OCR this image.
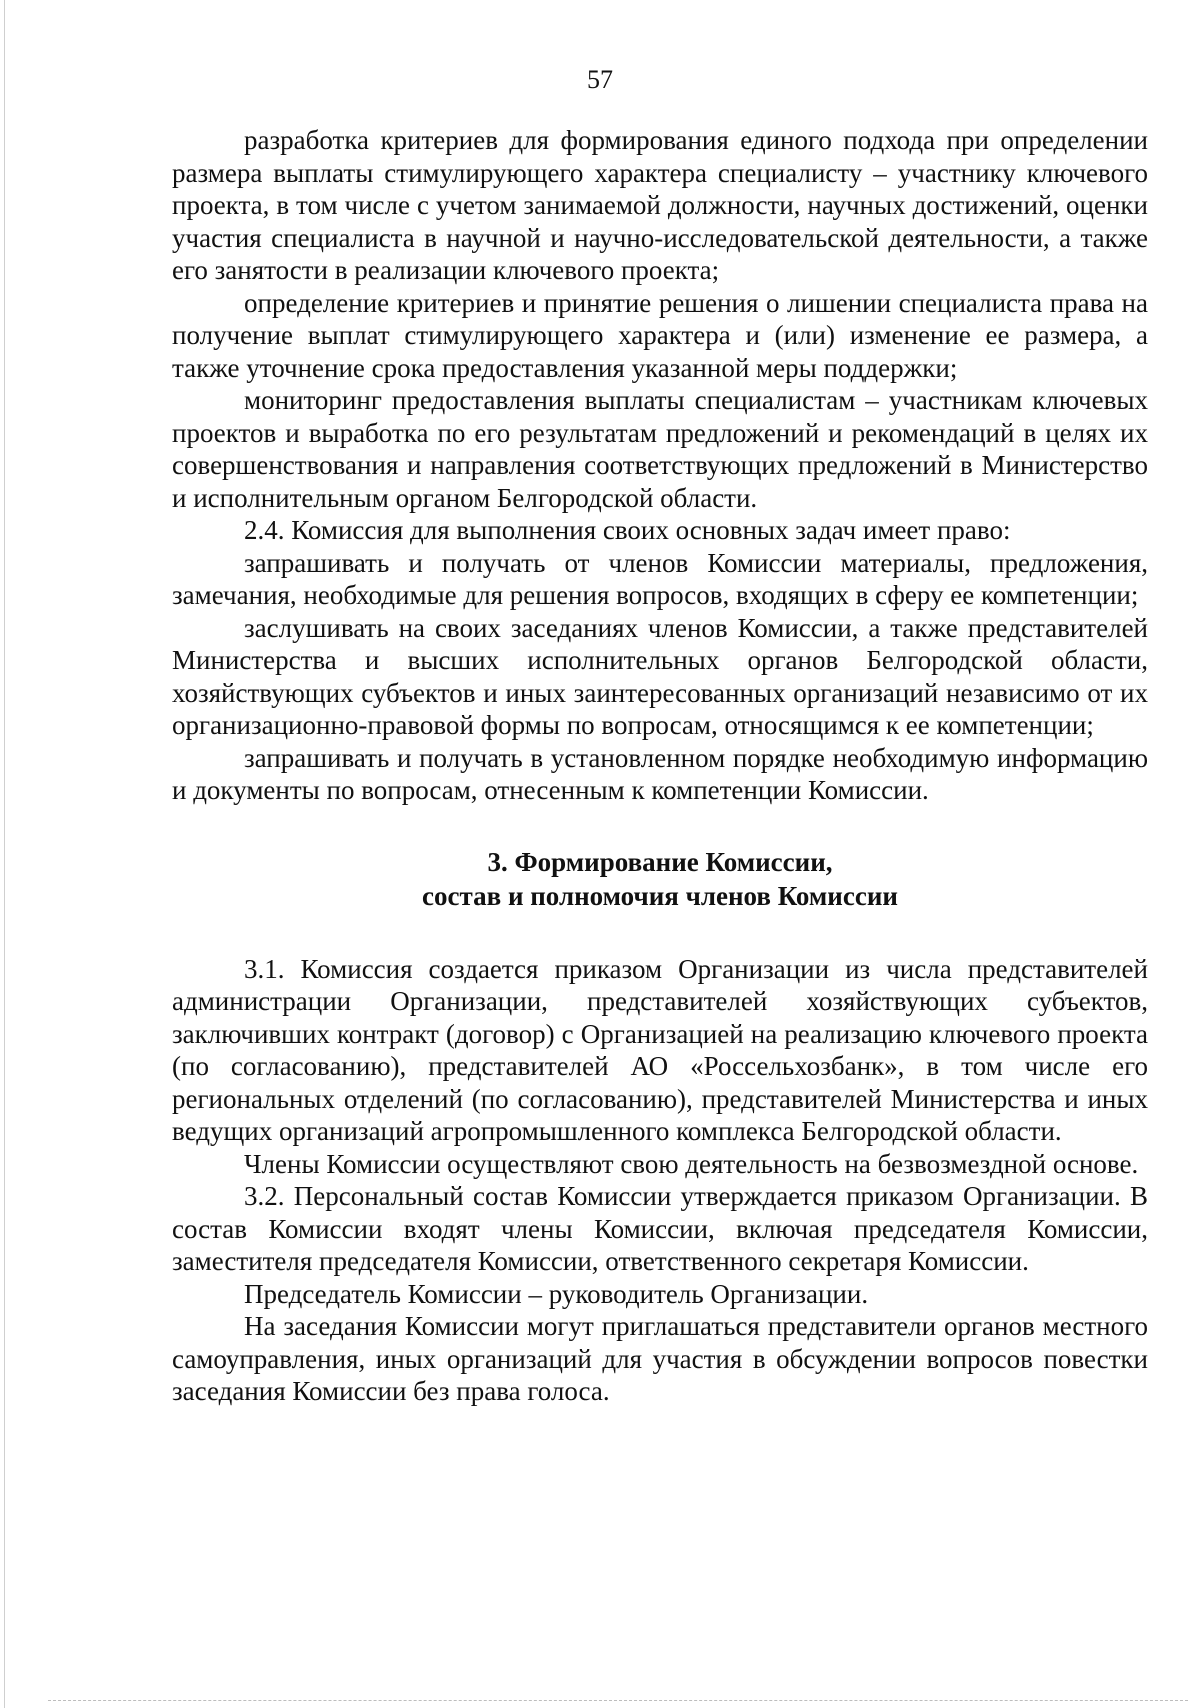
57

разработка критериев для формирования единого подхода при определении размера выплаты стимулирующего характера специалисту – участнику ключевого проекта, в том числе с учетом занимаемой должности, научных достижений, оценки участия специалиста в научной и научно-исследовательской деятельности, а также его занятости в реализации ключевого проекта;

определение критериев и принятие решения о лишении специалиста права на получение выплат стимулирующего характера и (или) изменение ее размера, а также уточнение срока предоставления указанной меры поддержки;

мониторинг предоставления выплаты специалистам – участникам ключевых проектов и выработка по его результатам предложений и рекомендаций в целях их совершенствования и направления соответствующих предложений в Министерство и исполнительным органом Белгородской области.

2.4. Комиссия для выполнения своих основных задач имеет право:

запрашивать и получать от членов Комиссии материалы, предложения, замечания, необходимые для решения вопросов, входящих в сферу ее компетенции;

заслушивать на своих заседаниях членов Комиссии, а также представителей Министерства и высших исполнительных органов Белгородской области, хозяйствующих субъектов и иных заинтересованных организаций независимо от их организационно-правовой формы по вопросам, относящимся к ее компетенции;

запрашивать и получать в установленном порядке необходимую информацию и документы по вопросам, отнесенным к компетенции Комиссии.

3. Формирование Комиссии,
состав и полномочия членов Комиссии

3.1. Комиссия создается приказом Организации из числа представителей администрации Организации, представителей хозяйствующих субъектов, заключивших контракт (договор) с Организацией на реализацию ключевого проекта (по согласованию), представителей АО «Россельхозбанк», в том числе его региональных отделений (по согласованию), представителей Министерства и иных ведущих организаций агропромышленного комплекса Белгородской области.

Члены Комиссии осуществляют свою деятельность на безвозмездной основе.

3.2. Персональный состав Комиссии утверждается приказом Организации. В состав Комиссии входят члены Комиссии, включая председателя Комиссии, заместителя председателя Комиссии, ответственного секретаря Комиссии.

Председатель Комиссии – руководитель Организации.

На заседания Комиссии могут приглашаться представители органов местного самоуправления, иных организаций для участия в обсуждении вопросов повестки заседания Комиссии без права голоса.
